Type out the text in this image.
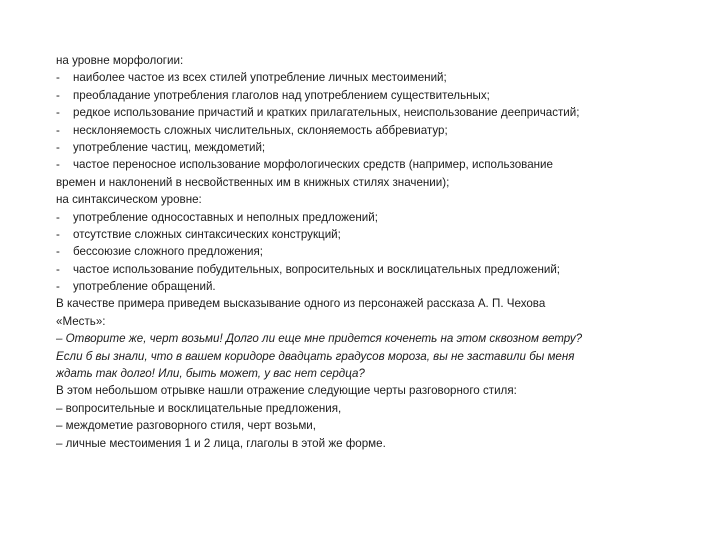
на уровне морфологии:
-	наиболее частое из всех стилей употребление личных местоимений;
-	преобладание употребления глаголов над употреблением существительных;
-	редкое использование причастий и кратких прилагательных, неиспользование деепричастий;
-	несклоняемость сложных числительных, склоняемость аббревиатур;
-	употребление частиц, междометий;
-	частое переносное использование морфологических средств (например, использование
времен и наклонений в несвойственных им в книжных стилях значении);
на синтаксическом уровне:
-	употребление односоставных и неполных предложений;
-	отсутствие сложных синтаксических конструкций;
-	бессоюзие сложного предложения;
-	частое использование побудительных, вопросительных и восклицательных предложений;
-	употребление обращений.
В качестве примера приведем высказывание одного из персонажей рассказа А. П. Чехова
«Месть»:
– Отворите же, черт возьми! Долго ли еще мне придется коченеть на этом сквозном ветру?
Если б вы знали, что в вашем коридоре двадцать градусов мороза, вы не заставили бы меня
ждать так долго! Или, быть может, у вас нет сердца?
В этом небольшом отрывке нашли отражение следующие черты разговорного стиля:
– вопросительные и восклицательные предложения,
– междометие разговорного стиля, черт возьми,
– личные местоимения 1 и 2 лица, глаголы в этой же форме.
